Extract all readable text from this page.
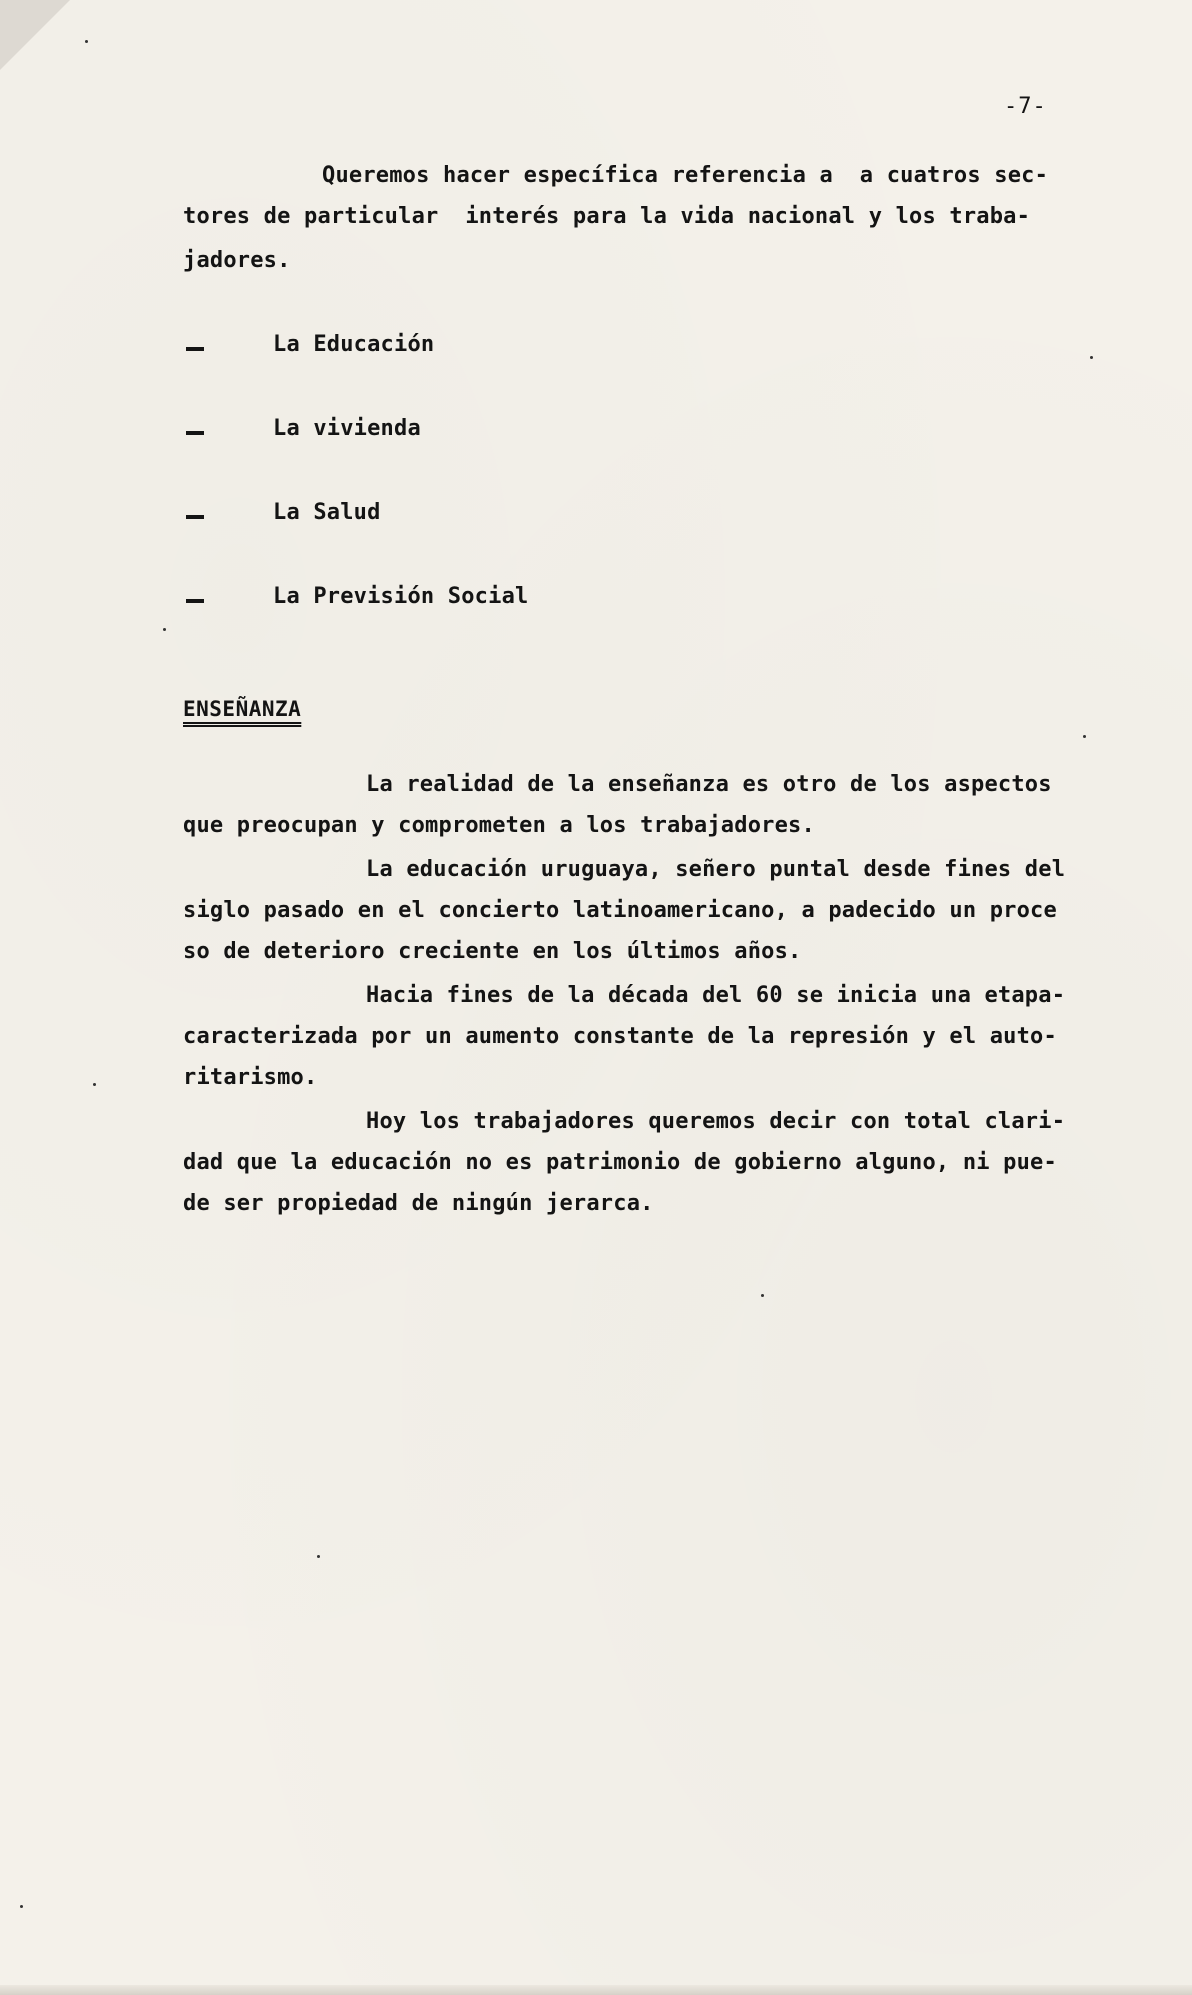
-7-
Queremos hacer específica referencia a  a cuatros sec-
tores de particular  interés para la vida nacional y los traba-
jadores.
La Educación
La vivienda
La Salud
La Previsión Social
ENSEÑANZA
La realidad de la enseñanza es otro de los aspectos
que preocupan y comprometen a los trabajadores.
La educación uruguaya, señero puntal desde fines del
siglo pasado en el concierto latinoamericano, a padecido un proce
so de deterioro creciente en los últimos años.
Hacia fines de la década del 60 se inicia una etapa-
caracterizada por un aumento constante de la represión y el auto-
ritarismo.
Hoy los trabajadores queremos decir con total clari-
dad que la educación no es patrimonio de gobierno alguno, ni pue-
de ser propiedad de ningún jerarca.
